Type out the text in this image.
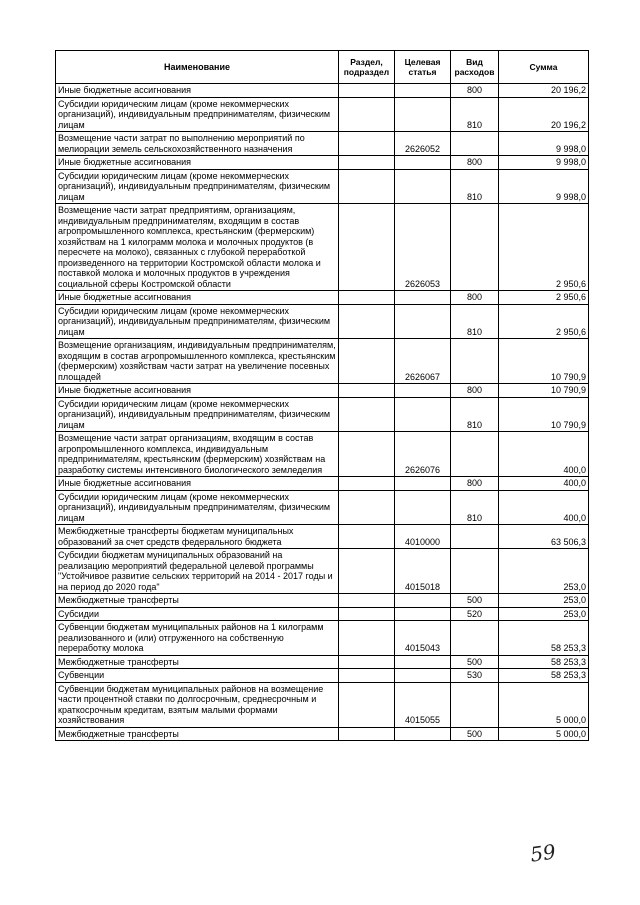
Наименование	Раздел, подраздел	Целевая статья	Вид расходов	Сумма
Иные бюджетные ассигнования			800	20 196,2
Субсидии юридическим лицам (кроме некоммерческих организаций), индивидуальным предпринимателям, физическим лицам			810	20 196,2
Возмещение части затрат по выполнению мероприятий по мелиорации земель сельскохозяйственного назначения		2626052		9 998,0
Иные бюджетные ассигнования			800	9 998,0
Субсидии юридическим лицам (кроме некоммерческих организаций), индивидуальным предпринимателям, физическим лицам			810	9 998,0
Возмещение части затрат предприятиям, организациям, индивидуальным предпринимателям, входящим в состав агропромышленного комплекса, крестьянским (фермерским) хозяйствам на 1 килограмм молока и молочных продуктов (в пересчете на молоко), связанных с глубокой переработкой произведенного на территории Костромской области молока и поставкой молока и молочных продуктов в учреждения социальной сферы Костромской области		2626053		2 950,6
Иные бюджетные ассигнования			800	2 950,6
Субсидии юридическим лицам (кроме некоммерческих организаций), индивидуальным предпринимателям, физическим лицам			810	2 950,6
Возмещение организациям, индивидуальным предпринимателям, входящим в состав агропромышленного комплекса, крестьянским (фермерским) хозяйствам части затрат на увеличение посевных площадей		2626067		10 790,9
Иные бюджетные ассигнования			800	10 790,9
Субсидии юридическим лицам (кроме некоммерческих организаций), индивидуальным предпринимателям, физическим лицам			810	10 790,9
Возмещение части затрат организациям, входящим в состав агропромышленного комплекса, индивидуальным предпринимателям, крестьянским (фермерским) хозяйствам на разработку системы интенсивного биологического земледелия		2626076		400,0
Иные бюджетные ассигнования			800	400,0
Субсидии юридическим лицам (кроме некоммерческих организаций), индивидуальным предпринимателям, физическим лицам			810	400,0
Межбюджетные трансферты бюджетам муниципальных образований за счет средств федерального бюджета		4010000		63 506,3
Субсидии бюджетам муниципальных образований на реализацию мероприятий федеральной целевой программы "Устойчивое развитие сельских территорий на 2014 - 2017 годы и на период до 2020 года"		4015018		253,0
Межбюджетные трансферты			500	253,0
Субсидии			520	253,0
Субвенции бюджетам муниципальных районов на 1 килограмм реализованного и (или) отгруженного на собственную переработку молока		4015043		58 253,3
Межбюджетные трансферты			500	58 253,3
Субвенции			530	58 253,3
Субвенции бюджетам муниципальных районов на возмещение части процентной ставки по долгосрочным, среднесрочным и краткосрочным кредитам, взятым малыми формами хозяйствования		4015055		5 000,0
Межбюджетные трансферты			500	5 000,0
59
